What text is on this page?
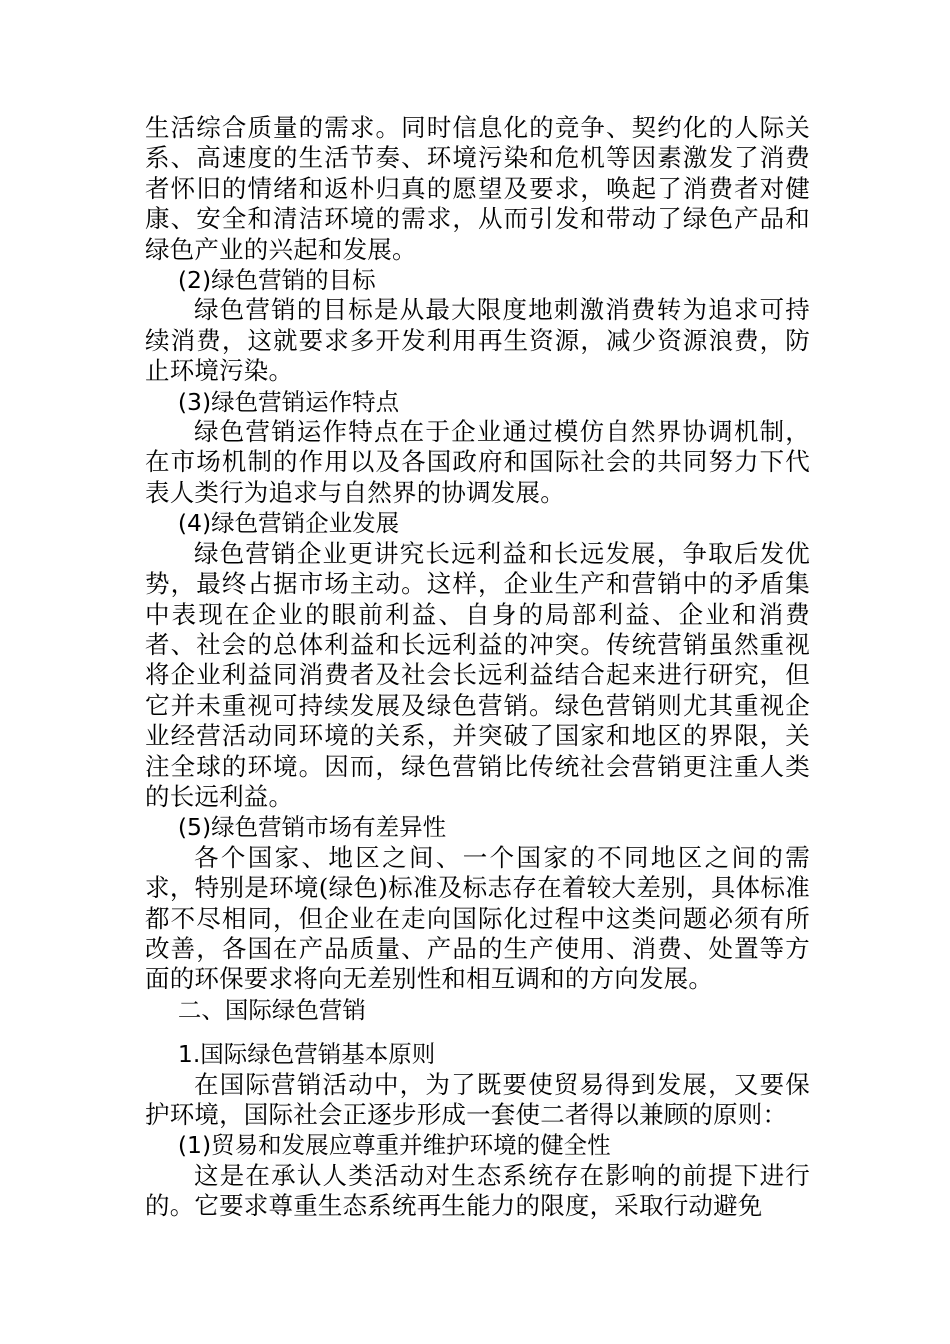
生活综合质量的需求。同时信息化的竞争、契约化的人际关系、高速度的生活节奏、环境污染和危机等因素激发了消费者怀旧的情绪和返朴归真的愿望及要求，唤起了消费者对健康、安全和清洁环境的需求，从而引发和带动了绿色产品和绿色产业的兴起和发展。

(2)绿色营销的目标

绿色营销的目标是从最大限度地刺激消费转为追求可持续消费，这就要求多开发利用再生资源，减少资源浪费，防止环境污染。

(3)绿色营销运作特点

绿色营销运作特点在于企业通过模仿自然界协调机制，在市场机制的作用以及各国政府和国际社会的共同努力下代表人类行为追求与自然界的协调发展。

(4)绿色营销企业发展

绿色营销企业更讲究长远利益和长远发展，争取后发优势，最终占据市场主动。这样，企业生产和营销中的矛盾集中表现在企业的眼前利益、自身的局部利益、企业和消费者、社会的总体利益和长远利益的冲突。传统营销虽然重视将企业利益同消费者及社会长远利益结合起来进行研究，但它并未重视可持续发展及绿色营销。绿色营销则尤其重视企业经营活动同环境的关系，并突破了国家和地区的界限，关注全球的环境。因而，绿色营销比传统社会营销更注重人类的长远利益。

(5)绿色营销市场有差异性

各个国家、地区之间、一个国家的不同地区之间的需求，特别是环境(绿色)标准及标志存在着较大差别，具体标准都不尽相同，但企业在走向国际化过程中这类问题必须有所改善，各国在产品质量、产品的生产使用、消费、处置等方面的环保要求将向无差别性和相互调和的方向发展。

二、国际绿色营销

1.国际绿色营销基本原则

在国际营销活动中，为了既要使贸易得到发展，又要保护环境，国际社会正逐步形成一套使二者得以兼顾的原则：

(1)贸易和发展应尊重并维护环境的健全性

这是在承认人类活动对生态系统存在影响的前提下进行的。它要求尊重生态系统再生能力的限度，采取行动避免
